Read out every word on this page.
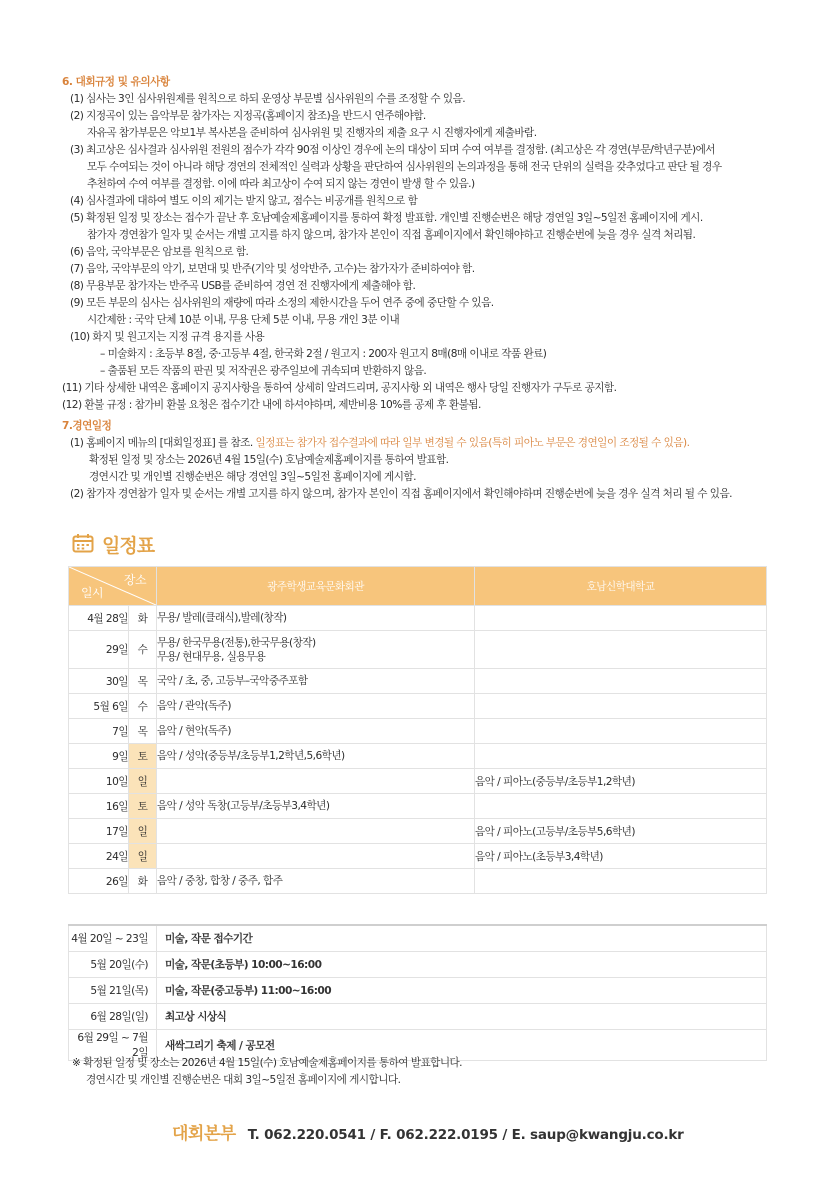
6. 대회규정 및 유의사항
(1) 심사는 3인 심사위원제를 원칙으로 하되 운영상 부문별 심사위원의 수를 조정할 수 있음.
(2) 지정곡이 있는 음악부문 참가자는 지정곡(홈페이지 참조)을 반드시 연주해야함.
자유곡 참가부문은 악보1부 복사본을 준비하여 심사위원 및 진행자의 제출 요구 시 진행자에게 제출바람.
(3) 최고상은 심사결과 심사위원 전원의 점수가 각각 90점 이상인 경우에 논의 대상이 되며 수여 여부를 결정함. (최고상은 각 경연(부문/학년구분)에서
모두 수여되는 것이 아니라 해당 경연의 전체적인 실력과 상황을 판단하여 심사위원의 논의과정을 통해 전국 단위의 실력을 갖추었다고 판단 될 경우
추천하여 수여 여부를 결정함. 이에 따라 최고상이 수여 되지 않는 경연이 발생 할 수 있음.)
(4) 심사결과에 대하여 별도 이의 제기는 받지 않고, 점수는 비공개를 원칙으로 함
(5) 확정된 일정 및 장소는 접수가 끝난 후 호남예술제홈페이지를 통하여 확정 발표함. 개인별 진행순번은 해당 경연일 3일~5일전 홈페이지에 게시.
참가자 경연참가 일자 및 순서는 개별 고지를 하지 않으며, 참가자 본인이 직접 홈페이지에서 확인해야하고 진행순번에 늦을 경우 실격 처리됨.
(6) 음악, 국악부문은 암보를 원칙으로 함.
(7) 음악, 국악부문의 악기, 보면대 및 반주(기악 및 성악반주, 고수)는 참가자가 준비하여야 함.
(8) 무용부문 참가자는 반주곡 USB를 준비하여 경연 전 진행자에게 제출해야 함.
(9) 모든 부문의 심사는 심사위원의 재량에 따라 소정의 제한시간을 두어 연주 중에 중단할 수 있음.
시간제한 : 국악 단체 10분 이내, 무용 단체 5분 이내, 무용 개인 3분 이내
(10) 화지 및 원고지는 지정 규격 용지를 사용
– 미술화지 : 초등부 8절, 중·고등부 4절, 한국화 2절 / 원고지 : 200자 원고지 8매(8매 이내로 작품 완료)
– 출품된 모든 작품의 판권 및 저작권은 광주일보에 귀속되며 반환하지 않음.
(11) 기타 상세한 내역은 홈페이지 공지사항을 통하여 상세히 알려드리며, 공지사항 외 내역은 행사 당일 진행자가 구두로 공지함.
(12) 환불 규정 : 참가비 환불 요청은 접수기간 내에 하셔야하며, 제반비용 10%를 공제 후 환불됨.
7.경연일정
(1) 홈페이지 메뉴의 [대회일정표] 를 참조. 일정표는 참가자 접수결과에 따라 일부 변경될 수 있음(특히 피아노 부문은 경연일이 조정될 수 있음).
확정된 일정 및 장소는 2026년 4월 15일(수) 호남예술제홈페이지를 통하여 발표함.
경연시간 및 개인별 진행순번은 해당 경연일 3일~5일전 홈페이지에 게시함.
(2) 참가자 경연참가 일자 및 순서는 개별 고지를 하지 않으며, 참가자 본인이 직접 홈페이지에서 확인해야하며 진행순번에 늦을 경우 실격 처리 될 수 있음.
일정표
장소
일시		광주학생교육문화회관	호남신학대학교
4월 28일	화	무용/ 발레(클래식),발레(창작)	

29일	수	무용/ 한국무용(전통),한국무용(창작)
무용/ 현대무용, 실용무용	

30일	목	국악 / 초, 중, 고등부–국악중주포함	

5월 6일	수	음악 / 관악(독주)	

7일	목	음악 / 현악(독주)	

9일	토	음악 / 성악(중등부/초등부1,2학년,5,6학년)	

10일	일		음악 / 피아노(중등부/초등부1,2학년)
16일	토	음악 / 성악 독창(고등부/초등부3,4학년)	

17일	일		음악 / 피아노(고등부/초등부5,6학년)
24일	일		음악 / 피아노(초등부3,4학년)
26일	화	음악 / 중창, 합창 / 중주, 합주	

4월 20일 ~ 23일	미술, 작문 접수기간
5월 20일(수)	미술, 작문(초등부) 10:00~16:00
5월 21일(목)	미술, 작문(중고등부) 11:00~16:00
6월 28일(일)	최고상 시상식
6월 29일 ~ 7월 2일	새싹그리기 축제 / 공모전
※ 확정된 일정 및 장소는 2026년 4월 15일(수) 호남예술제홈페이지를 통하여 발표합니다.
경연시간 및 개인별 진행순번은 대회 3일~5일전 홈페이지에 게시합니다.
대회본부 T. 062.220.0541 / F. 062.222.0195 / E. saup@kwangju.co.kr
